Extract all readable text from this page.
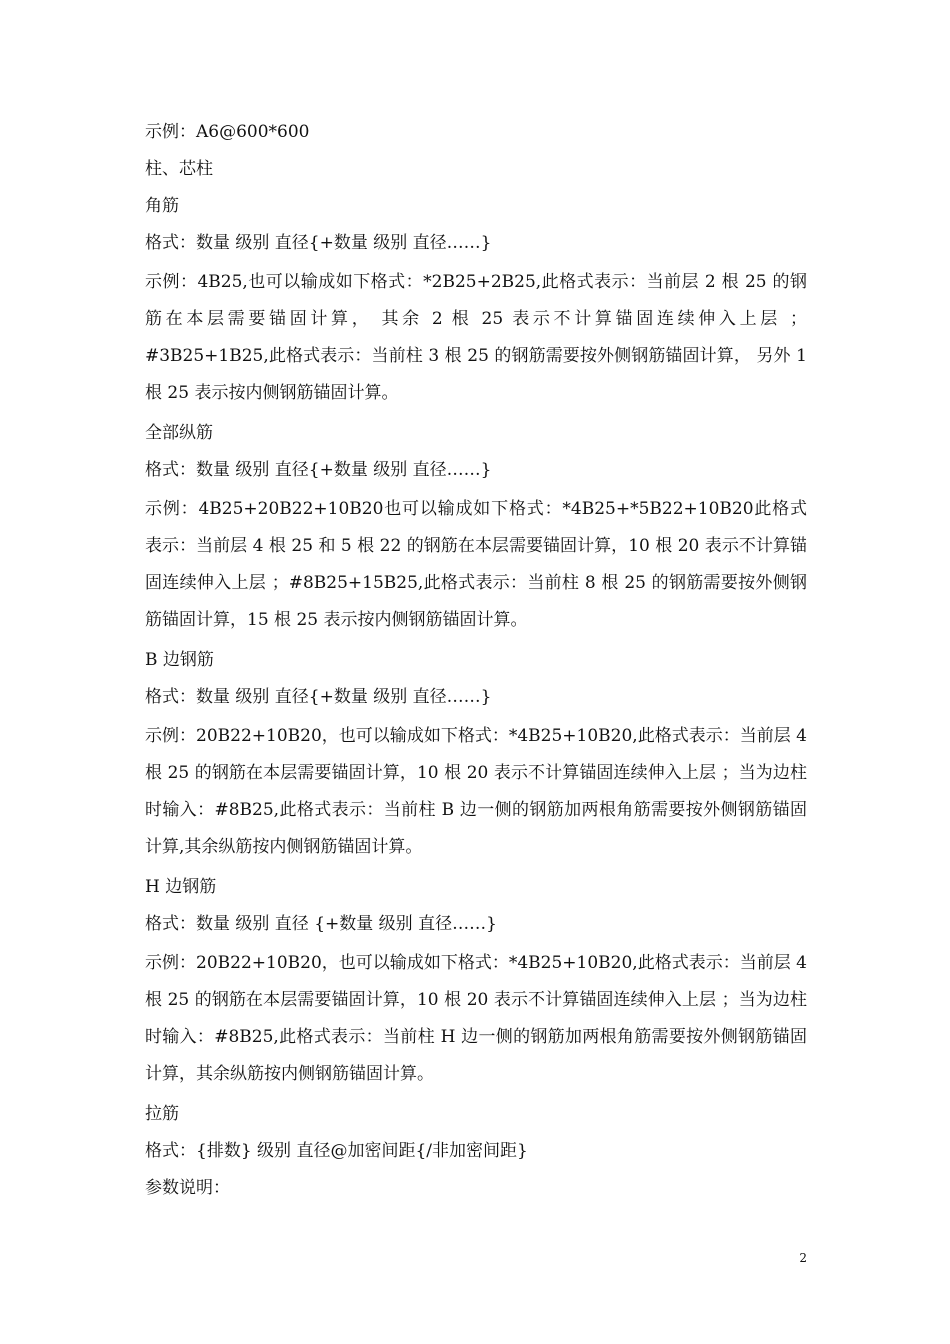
示例：A6@600*600
柱、芯柱
角筋
格式：数量 级别 直径{+数量 级别 直径……}
示例：4B25,也可以输成如下格式：*2B25+2B25,此格式表示：当前层 2 根 25 的钢筋在本层需要锚固计算， 其余 2 根 25 表示不计算锚固连续伸入上层 ；#3B25+1B25,此格式表示：当前柱 3 根 25 的钢筋需要按外侧钢筋锚固计算， 另外 1 根 25 表示按内侧钢筋锚固计算。
全部纵筋
格式：数量 级别 直径{+数量 级别 直径……}
示例：4B25+20B22+10B20也可以输成如下格式：*4B25+*5B22+10B20此格式表示：当前层 4 根 25 和 5 根 22 的钢筋在本层需要锚固计算，10 根 20 表示不计算锚固连续伸入上层 ；#8B25+15B25,此格式表示：当前柱 8 根 25 的钢筋需要按外侧钢筋锚固计算，15 根 25 表示按内侧钢筋锚固计算。
B 边钢筋
格式：数量 级别 直径{+数量 级别 直径……}
示例：20B22+10B20，也可以输成如下格式：*4B25+10B20,此格式表示：当前层 4 根 25 的钢筋在本层需要锚固计算，10 根 20 表示不计算锚固连续伸入上层 ；当为边柱时输入：#8B25,此格式表示：当前柱 B 边一侧的钢筋加两根角筋需要按外侧钢筋锚固计算,其余纵筋按内侧钢筋锚固计算。
H 边钢筋
格式：数量 级别 直径 {+数量 级别 直径……}
示例：20B22+10B20，也可以输成如下格式：*4B25+10B20,此格式表示：当前层 4 根 25 的钢筋在本层需要锚固计算，10 根 20 表示不计算锚固连续伸入上层 ；当为边柱时输入：#8B25,此格式表示：当前柱 H 边一侧的钢筋加两根角筋需要按外侧钢筋锚固计算，其余纵筋按内侧钢筋锚固计算。
拉筋
格式：{排数} 级别 直径@加密间距{/非加密间距}
参数说明：
2
